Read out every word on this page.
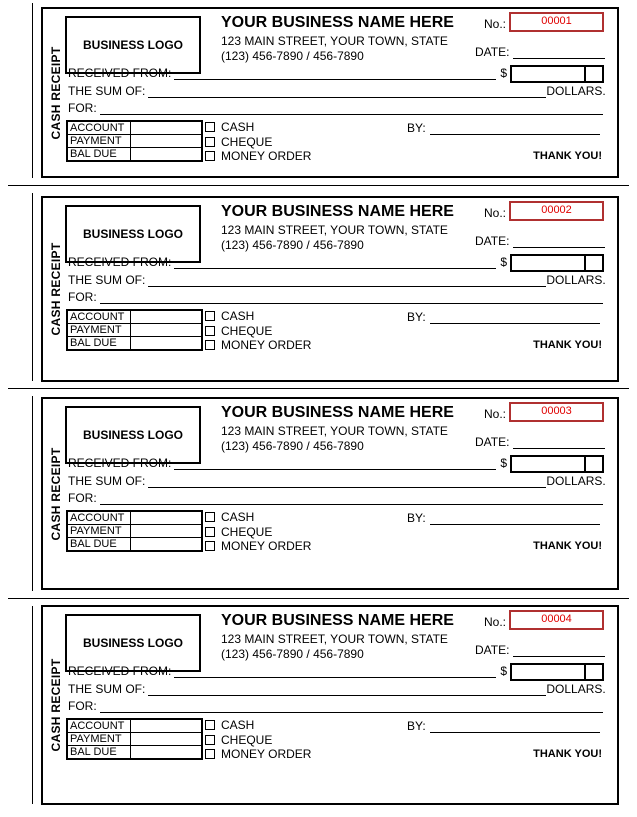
CASH RECEIPT
BUSINESS LOGO
YOUR BUSINESS NAME HERE
123 MAIN STREET, YOUR TOWN, STATE
(123) 456-7890 / 456-7890
No.:	00001
DATE:
RECEIVED FROM:	$
THE SUM OF:	DOLLARS.
FOR:
ACCOUNT	
PAYMENT	
BAL DUE	
CASH
CHEQUE
MONEY ORDER
BY:
THANK YOU!
CASH RECEIPT
BUSINESS LOGO
YOUR BUSINESS NAME HERE
123 MAIN STREET, YOUR TOWN, STATE
(123) 456-7890 / 456-7890
No.:	00002
DATE:
RECEIVED FROM:	$
THE SUM OF:	DOLLARS.
FOR:
ACCOUNT	
PAYMENT	
BAL DUE	
CASH
CHEQUE
MONEY ORDER
BY:
THANK YOU!
CASH RECEIPT
BUSINESS LOGO
YOUR BUSINESS NAME HERE
123 MAIN STREET, YOUR TOWN, STATE
(123) 456-7890 / 456-7890
No.:	00003
DATE:
RECEIVED FROM:	$
THE SUM OF:	DOLLARS.
FOR:
ACCOUNT	
PAYMENT	
BAL DUE	
CASH
CHEQUE
MONEY ORDER
BY:
THANK YOU!
CASH RECEIPT
BUSINESS LOGO
YOUR BUSINESS NAME HERE
123 MAIN STREET, YOUR TOWN, STATE
(123) 456-7890 / 456-7890
No.:	00004
DATE:
RECEIVED FROM:	$
THE SUM OF:	DOLLARS.
FOR:
ACCOUNT	
PAYMENT	
BAL DUE	
CASH
CHEQUE
MONEY ORDER
BY:
THANK YOU!
